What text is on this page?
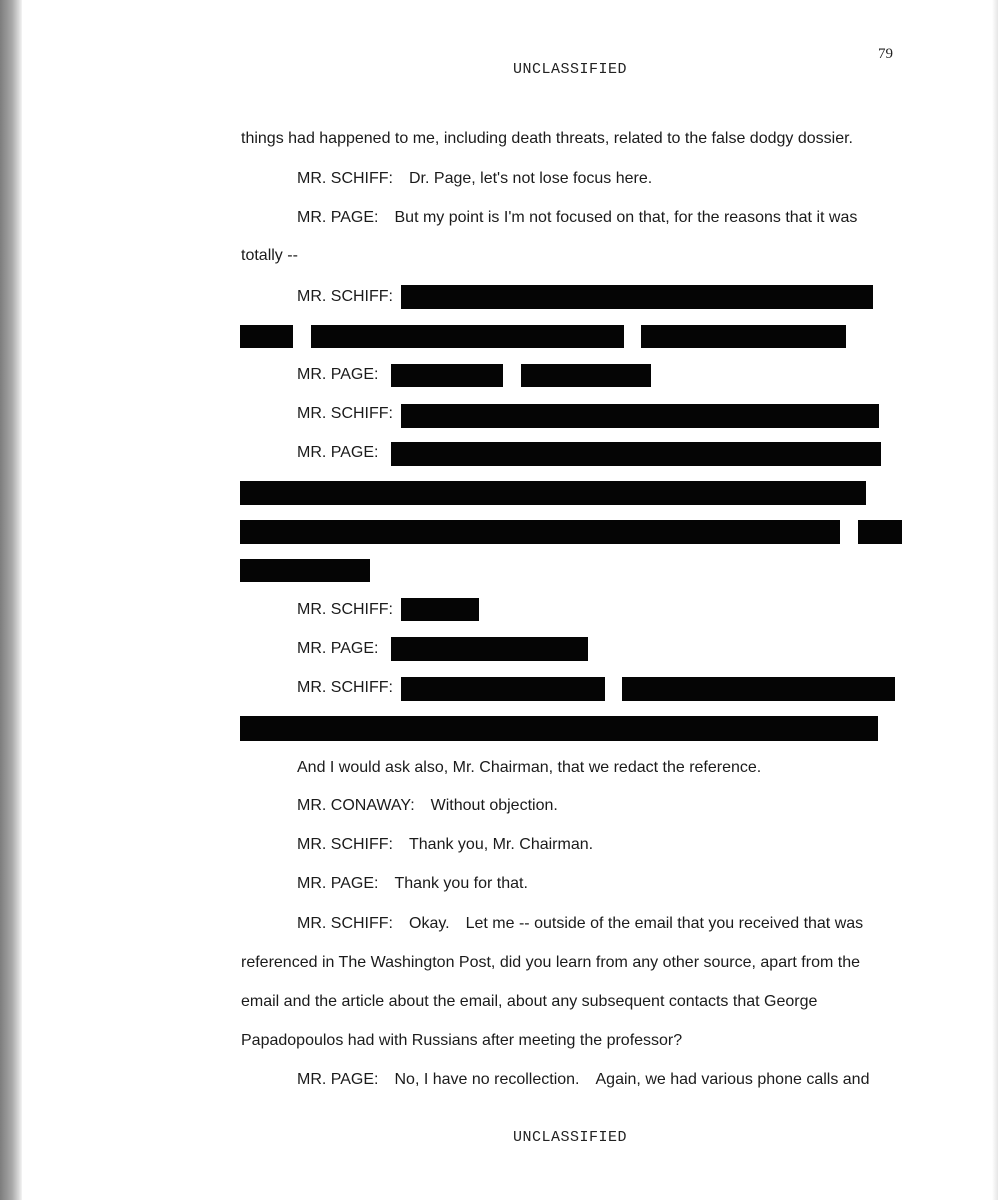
79
UNCLASSIFIED
things had happened to me, including death threats, related to the false dodgy dossier.
MR. SCHIFF: Dr. Page, let's not lose focus here.
MR. PAGE: But my point is I'm not focused on that, for the reasons that it was
totally --
MR. SCHIFF:
MR. PAGE:
MR. SCHIFF:
MR. PAGE:
MR. SCHIFF:
MR. PAGE:
MR. SCHIFF:
And I would ask also, Mr. Chairman, that we redact the reference.
MR. CONAWAY: Without objection.
MR. SCHIFF: Thank you, Mr. Chairman.
MR. PAGE: Thank you for that.
MR. SCHIFF: Okay. Let me -- outside of the email that you received that was
referenced in The Washington Post, did you learn from any other source, apart from the
email and the article about the email, about any subsequent contacts that George
Papadopoulos had with Russians after meeting the professor?
MR. PAGE: No, I have no recollection. Again, we had various phone calls and
UNCLASSIFIED
